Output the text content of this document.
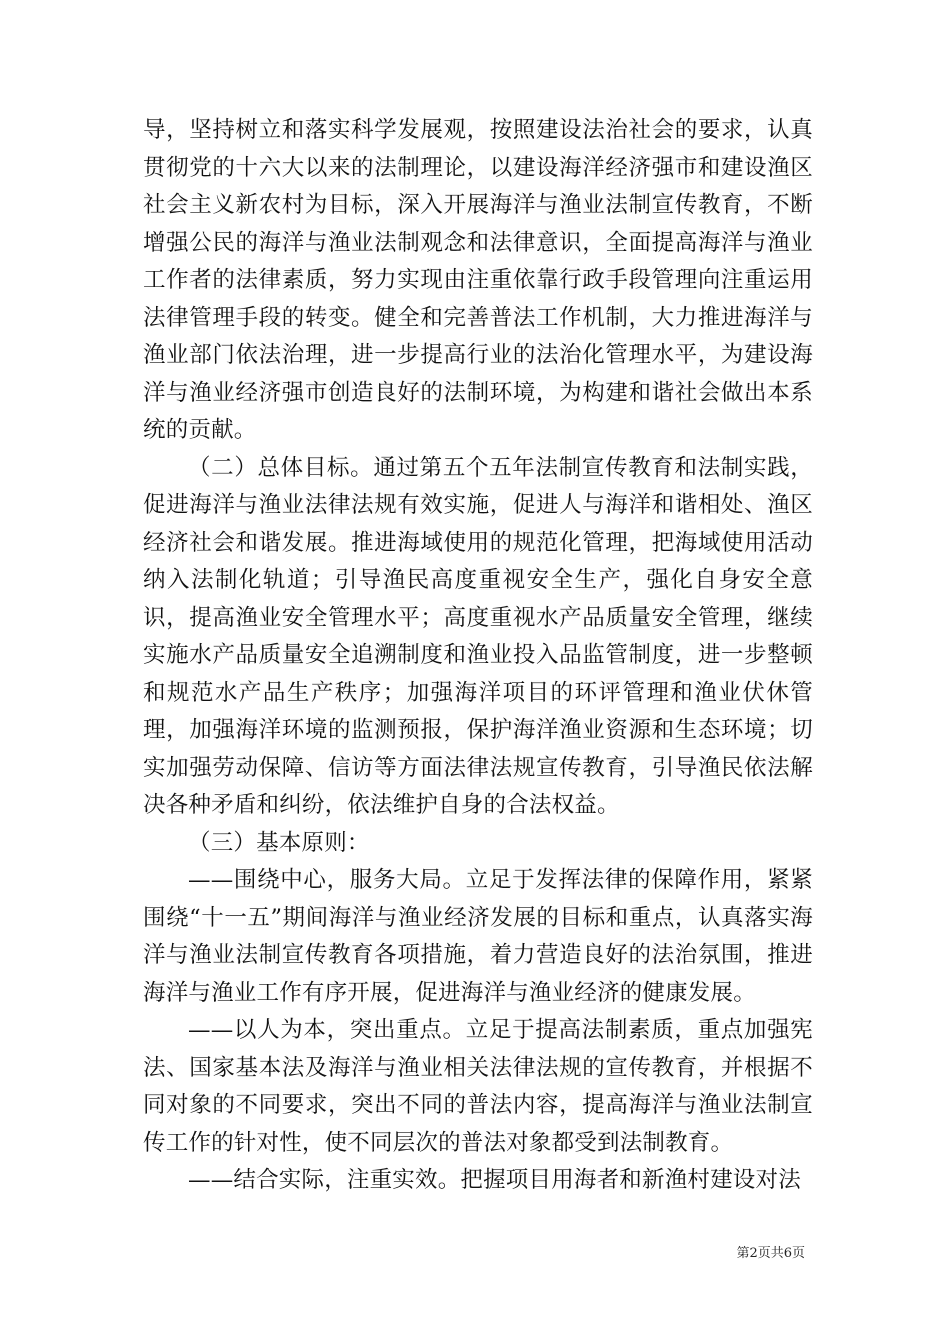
导，坚持树立和落实科学发展观，按照建设法治社会的要求，认真贯彻党的十六大以来的法制理论，以建设海洋经济强市和建设渔区社会主义新农村为目标，深入开展海洋与渔业法制宣传教育，不断增强公民的海洋与渔业法制观念和法律意识，全面提高海洋与渔业工作者的法律素质，努力实现由注重依靠行政手段管理向注重运用法律管理手段的转变。健全和完善普法工作机制，大力推进海洋与渔业部门依法治理，进一步提高行业的法治化管理水平，为建设海洋与渔业经济强市创造良好的法制环境，为构建和谐社会做出本系统的贡献。

（二）总体目标。通过第五个五年法制宣传教育和法制实践，促进海洋与渔业法律法规有效实施，促进人与海洋和谐相处、渔区经济社会和谐发展。推进海域使用的规范化管理，把海域使用活动纳入法制化轨道；引导渔民高度重视安全生产，强化自身安全意识，提高渔业安全管理水平；高度重视水产品质量安全管理，继续实施水产品质量安全追溯制度和渔业投入品监管制度，进一步整顿和规范水产品生产秩序；加强海洋项目的环评管理和渔业伏休管理，加强海洋环境的监测预报，保护海洋渔业资源和生态环境；切实加强劳动保障、信访等方面法律法规宣传教育，引导渔民依法解决各种矛盾和纠纷，依法维护自身的合法权益。

（三）基本原则：

——围绕中心，服务大局。立足于发挥法律的保障作用，紧紧围绕“十一五”期间海洋与渔业经济发展的目标和重点，认真落实海洋与渔业法制宣传教育各项措施，着力营造良好的法治氛围，推进海洋与渔业工作有序开展，促进海洋与渔业经济的健康发展。

——以人为本，突出重点。立足于提高法制素质，重点加强宪法、国家基本法及海洋与渔业相关法律法规的宣传教育，并根据不同对象的不同要求，突出不同的普法内容，提高海洋与渔业法制宣传工作的针对性，使不同层次的普法对象都受到法制教育。

——结合实际，注重实效。把握项目用海者和新渔村建设对法

第2页共6页
